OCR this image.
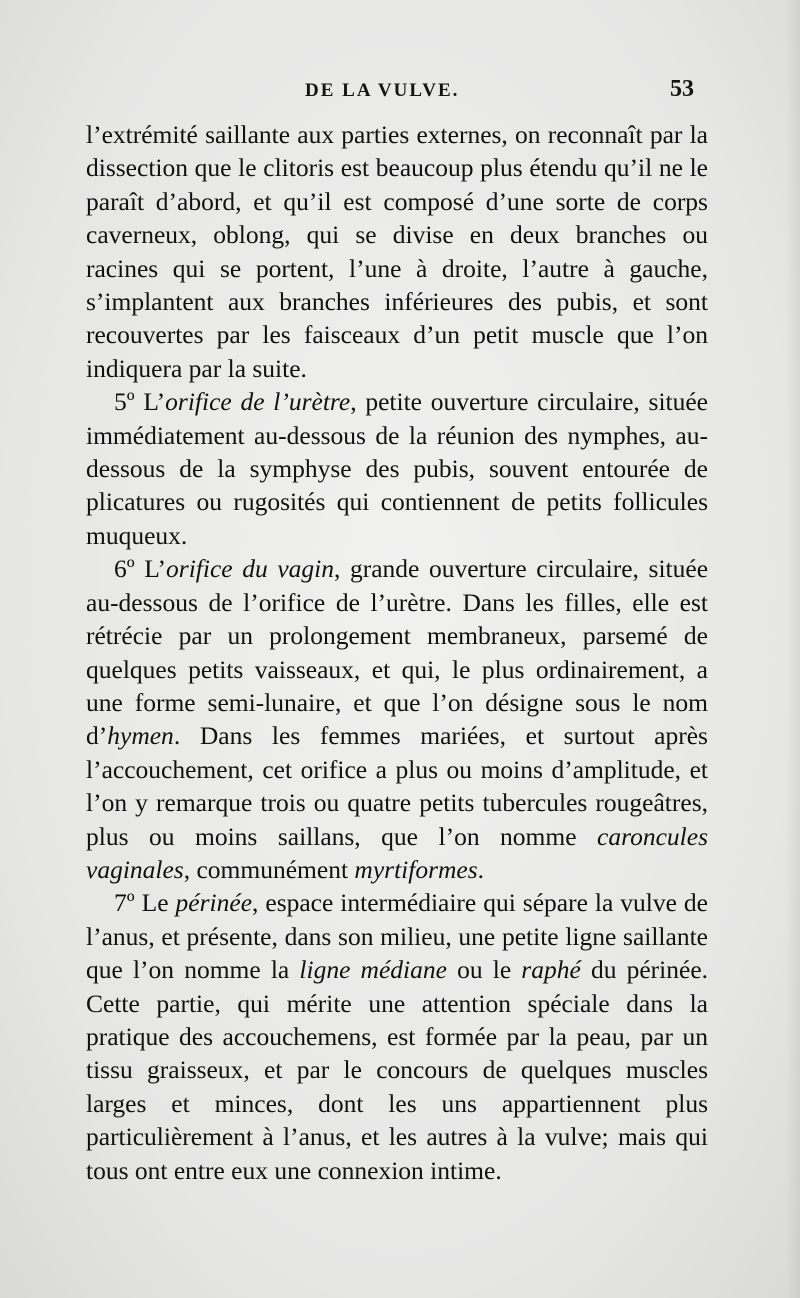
DE LA VULVE.	53

l’extrémité saillante aux parties externes, on reconnaît par la dissection que le clitoris est beaucoup plus étendu qu’il ne le paraît d’abord, et qu’il est composé d’une sorte de corps caverneux, oblong, qui se divise en deux branches ou racines qui se portent, l’une à droite, l’autre à gauche, s’implantent aux branches inférieures des pubis, et sont recouvertes par les faisceaux d’un petit muscle que l’on indiquera par la suite.

5º L’orifice de l’urètre, petite ouverture circulaire, située immédiatement au-dessous de la réunion des nymphes, au-dessous de la symphyse des pubis, souvent entourée de plicatures ou rugosités qui contiennent de petits follicules muqueux.

6º L’orifice du vagin, grande ouverture circulaire, située au-dessous de l’orifice de l’urètre. Dans les filles, elle est rétrécie par un prolongement membraneux, parsemé de quelques petits vaisseaux, et qui, le plus ordinairement, a une forme semi-lunaire, et que l’on désigne sous le nom d’hymen. Dans les femmes mariées, et surtout après l’accouchement, cet orifice a plus ou moins d’amplitude, et l’on y remarque trois ou quatre petits tubercules rougeâtres, plus ou moins saillans, que l’on nomme caroncules vaginales, communément myrtiformes.

7º Le périnée, espace intermédiaire qui sépare la vulve de l’anus, et présente, dans son milieu, une petite ligne saillante que l’on nomme la ligne médiane ou le raphé du périnée. Cette partie, qui mérite une attention spéciale dans la pratique des accouchemens, est formée par la peau, par un tissu graisseux, et par le concours de quelques muscles larges et minces, dont les uns appartiennent plus particulièrement à l’anus, et les autres à la vulve; mais qui tous ont entre eux une connexion intime.
